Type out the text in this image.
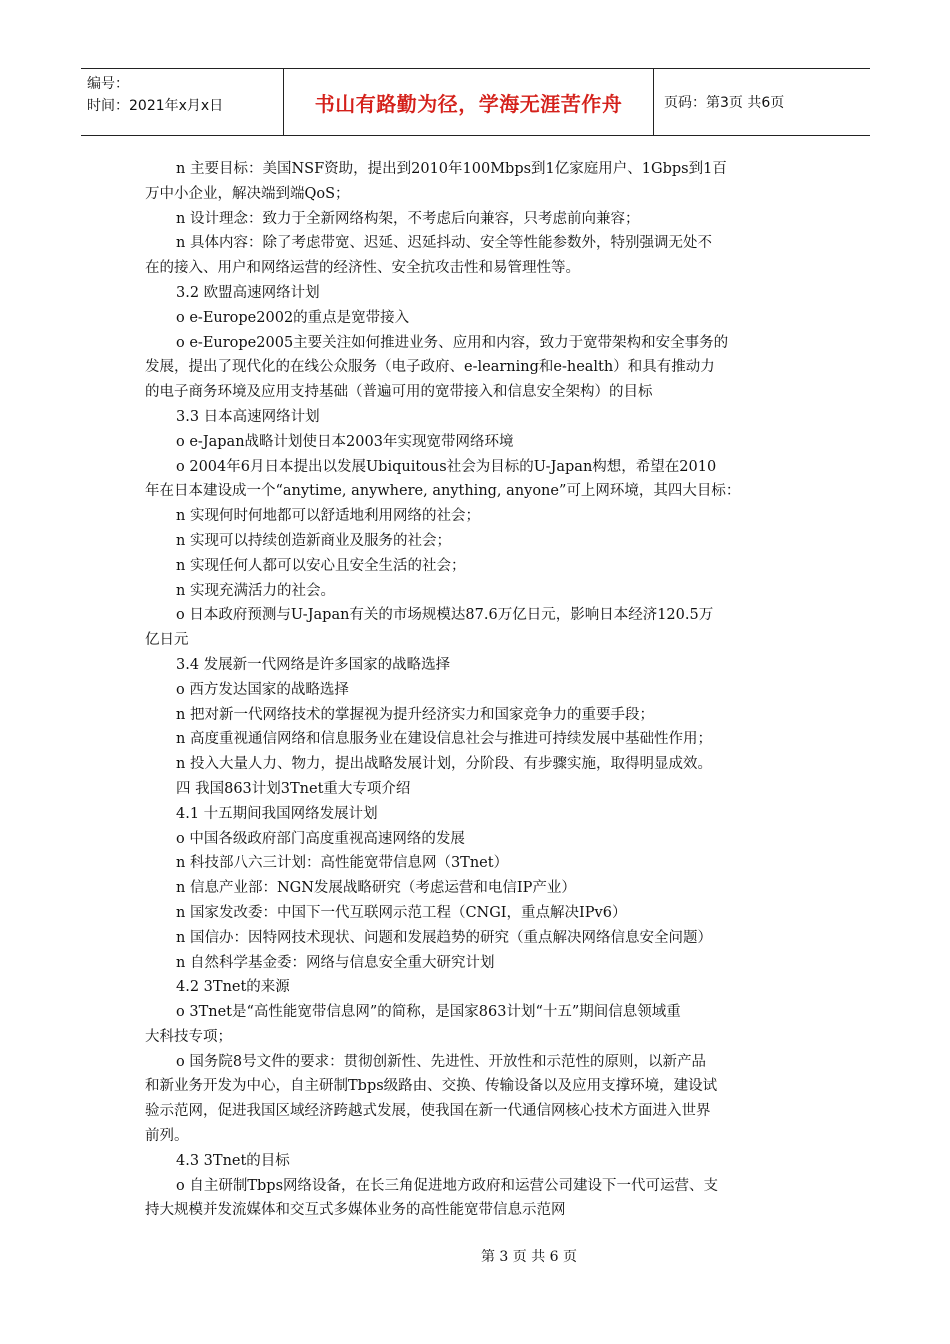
编号：
时间：2021年x月x日	书山有路勤为径，学海无涯苦作舟	页码：第3页 共6页
n 主要目标：美国NSF资助，提出到2010年100Mbps到1亿家庭用户、1Gbps到1百
万中小企业，解决端到端QoS；
n 设计理念：致力于全新网络构架，不考虑后向兼容，只考虑前向兼容；
n 具体内容：除了考虑带宽、迟延、迟延抖动、安全等性能参数外，特别强调无处不
在的接入、用户和网络运营的经济性、安全抗攻击性和易管理性等。
3.2 欧盟高速网络计划
o e-Europe2002的重点是宽带接入
o e-Europe2005主要关注如何推进业务、应用和内容，致力于宽带架构和安全事务的
发展，提出了现代化的在线公众服务（电子政府、e-learning和e-health）和具有推动力
的电子商务环境及应用支持基础（普遍可用的宽带接入和信息安全架构）的目标
3.3 日本高速网络计划
o e-Japan战略计划使日本2003年实现宽带网络环境
o 2004年6月日本提出以发展Ubiquitous社会为目标的U-Japan构想，希望在2010
年在日本建设成一个“anytime, anywhere, anything, anyone”可上网环境，其四大目标：
n 实现何时何地都可以舒适地利用网络的社会；
n 实现可以持续创造新商业及服务的社会；
n 实现任何人都可以安心且安全生活的社会；
n 实现充满活力的社会。
o 日本政府预测与U-Japan有关的市场规模达87.6万亿日元，影响日本经济120.5万
亿日元
3.4 发展新一代网络是许多国家的战略选择
o 西方发达国家的战略选择
n 把对新一代网络技术的掌握视为提升经济实力和国家竞争力的重要手段；
n 高度重视通信网络和信息服务业在建设信息社会与推进可持续发展中基础性作用；
n 投入大量人力、物力，提出战略发展计划，分阶段、有步骤实施，取得明显成效。
四 我国863计划3Tnet重大专项介绍
4.1 十五期间我国网络发展计划
o 中国各级政府部门高度重视高速网络的发展
n 科技部八六三计划：高性能宽带信息网（3Tnet）
n 信息产业部：NGN发展战略研究（考虑运营和电信IP产业）
n 国家发改委：中国下一代互联网示范工程（CNGI，重点解决IPv6）
n 国信办：因特网技术现状、问题和发展趋势的研究（重点解决网络信息安全问题）
n 自然科学基金委：网络与信息安全重大研究计划
4.2 3Tnet的来源
o 3Tnet是“高性能宽带信息网”的简称，是国家863计划“十五”期间信息领域重
大科技专项；
o 国务院8号文件的要求：贯彻创新性、先进性、开放性和示范性的原则，以新产品
和新业务开发为中心，自主研制Tbps级路由、交换、传输设备以及应用支撑环境，建设试
验示范网，促进我国区域经济跨越式发展，使我国在新一代通信网核心技术方面进入世界
前列。
4.3 3Tnet的目标
o 自主研制Tbps网络设备，在长三角促进地方政府和运营公司建设下一代可运营、支
持大规模并发流媒体和交互式多媒体业务的高性能宽带信息示范网
第 3 页 共 6 页
